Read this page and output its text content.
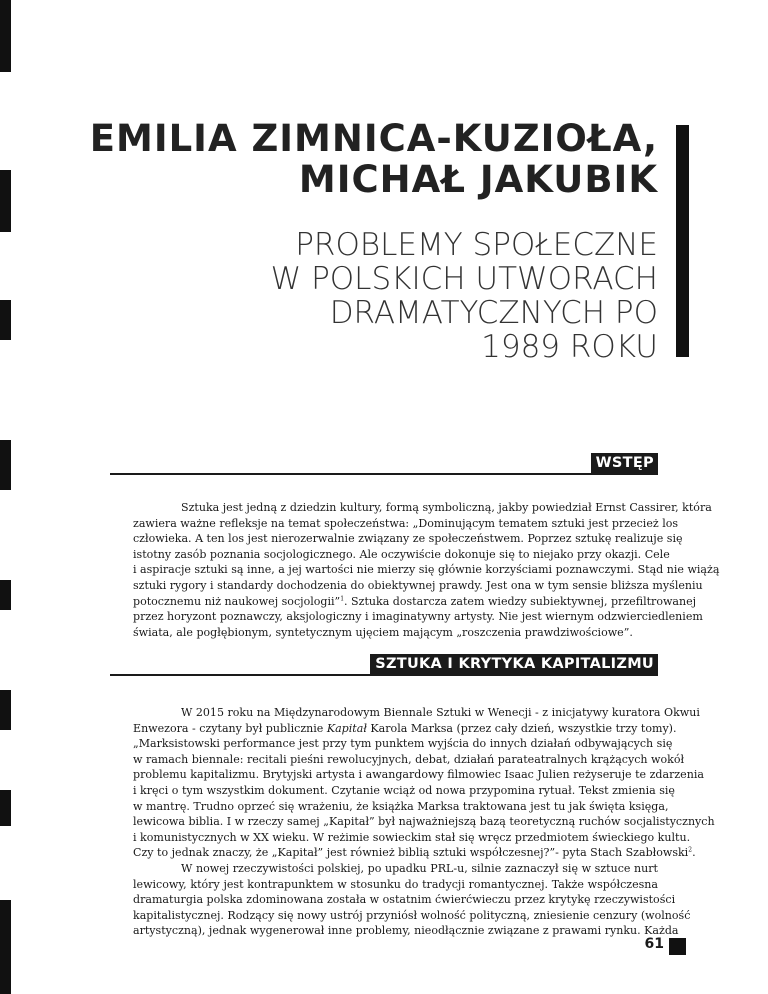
EMILIA ZIMNICA-KUZIOŁA,
MICHAŁ JAKUBIK
PROBLEMY SPOŁECZNE
W POLSKICH UTWORACH
DRAMATYCZNYCH PO
1989 ROKU
WSTĘP

Sztuka jest jedną z dziedzin kultury, formą symboliczną, jakby powiedział Ernst Cassirer, która
zawiera ważne refleksje na temat społeczeństwa: „Dominującym tematem sztuki jest przecież los
człowieka. A ten los jest nierozerwalnie związany ze społeczeństwem. Poprzez sztukę realizuje się
istotny zasób poznania socjologicznego. Ale oczywiście dokonuje się to niejako przy okazji. Cele
i aspiracje sztuki są inne, a jej wartości nie mierzy się głównie korzyściami poznawczymi. Stąd nie wiążą
sztuki rygory i standardy dochodzenia do obiektywnej prawdy. Jest ona w tym sensie bliższa myśleniu
potocznemu niż naukowej socjologii”$^1$. Sztuka dostarcza zatem wiedzy subiektywnej, przefiltrowanej
przez horyzont poznawczy, aksjologiczny i imaginatywny artysty. Nie jest wiernym odzwierciedleniem
świata, ale pogłębionym, syntetycznym ujęciem mającym „roszczenia prawdziwościowe”.

SZTUKA I KRYTYKA KAPITALIZMU

W 2015 roku na Międzynarodowym Biennale Sztuki w Wenecji - z inicjatywy kuratora Okwui
Enwezora - czytany był publicznie Kapitał Karola Marksa (przez cały dzień, wszystkie trzy tomy).
„Marksistowski performance jest przy tym punktem wyjścia do innych działań odbywających się
w ramach biennale: recitali pieśni rewolucyjnych, debat, działań parateatralnych krążących wokół
problemu kapitalizmu. Brytyjski artysta i awangardowy filmowiec Isaac Julien reżyseruje te zdarzenia
i kręci o tym wszystkim dokument. Czytanie wciąż od nowa przypomina rytuał. Tekst zmienia się
w mantrę. Trudno oprzeć się wrażeniu, że książka Marksa traktowana jest tu jak święta księga,
lewicowa biblia. I w rzeczy samej „Kapitał” był najważniejszą bazą teoretyczną ruchów socjalistycznych
i komunistycznych w XX wieku. W reżimie sowieckim stał się wręcz przedmiotem świeckiego kultu.
Czy to jednak znaczy, że „Kapitał” jest również biblią sztuki współczesnej?”- pyta Stach Szabłowski$^2$.
W nowej rzeczywistości polskiej, po upadku PRL-u, silnie zaznaczył się w sztuce nurt
lewicowy, który jest kontrapunktem w stosunku do tradycji romantycznej. Także współczesna
dramaturgia polska zdominowana została w ostatnim ćwierćwieczu przez krytykę rzeczywistości
kapitalistycznej. Rodzący się nowy ustrój przyniósł wolność polityczną, zniesienie cenzury (wolność
artystyczną), jednak wygenerował inne problemy, nieodłącznie związane z prawami rynku. Każda

61
